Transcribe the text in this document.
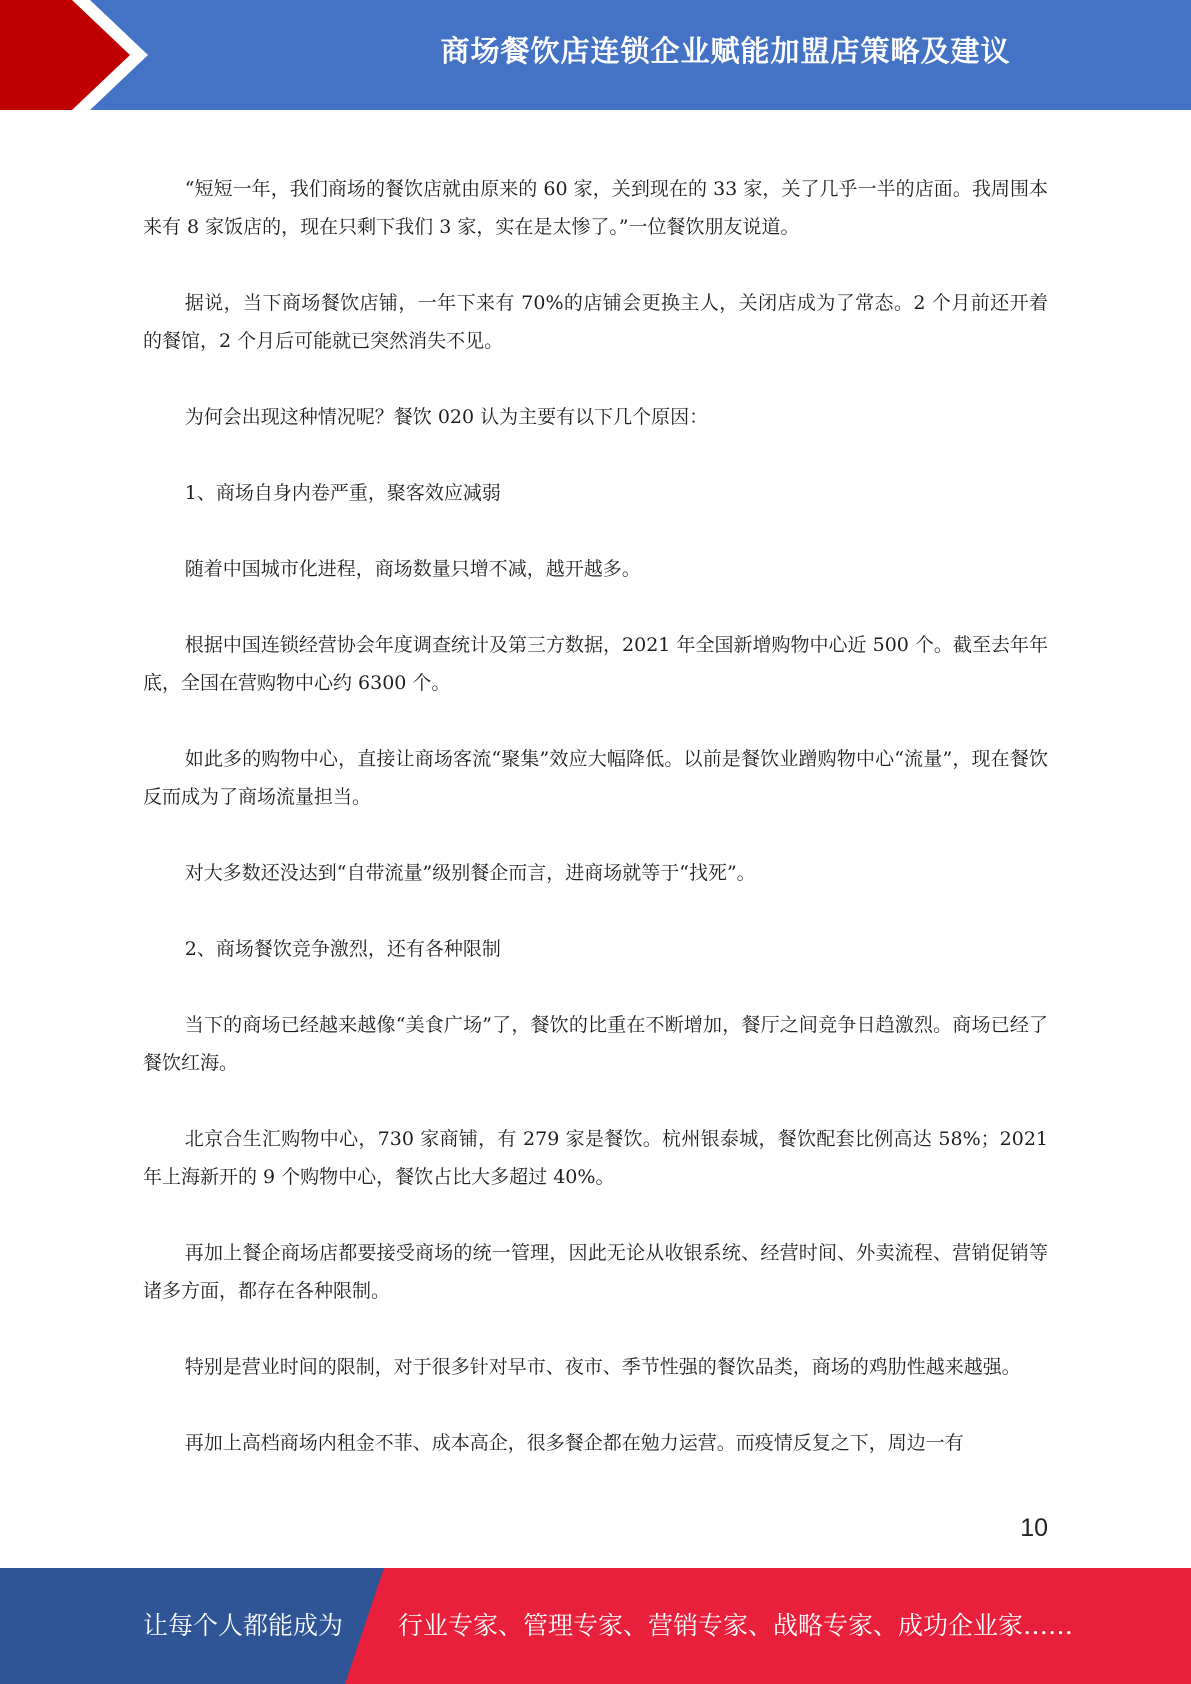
商场餐饮店连锁企业赋能加盟店策略及建议

“短短一年，我们商场的餐饮店就由原来的 60 家，关到现在的 33 家，关了几乎一半的店面。我周围本来有 8 家饭店的，现在只剩下我们 3 家，实在是太惨了。”一位餐饮朋友说道。

据说，当下商场餐饮店铺，一年下来有 70%的店铺会更换主人，关闭店成为了常态。2 个月前还开着的餐馆，2 个月后可能就已突然消失不见。

为何会出现这种情况呢？餐饮 020 认为主要有以下几个原因：

1、商场自身内卷严重，聚客效应减弱

随着中国城市化进程，商场数量只增不减，越开越多。

根据中国连锁经营协会年度调查统计及第三方数据，2021 年全国新增购物中心近 500 个。截至去年年底，全国在营购物中心约 6300 个。

如此多的购物中心，直接让商场客流“聚集”效应大幅降低。以前是餐饮业蹭购物中心“流量”，现在餐饮反而成为了商场流量担当。

对大多数还没达到“自带流量”级别餐企而言，进商场就等于“找死”。

2、商场餐饮竞争激烈，还有各种限制

当下的商场已经越来越像“美食广场”了，餐饮的比重在不断增加，餐厅之间竞争日趋激烈。商场已经了餐饮红海。

北京合生汇购物中心，730 家商铺，有 279 家是餐饮。杭州银泰城，餐饮配套比例高达 58%；2021 年上海新开的 9 个购物中心，餐饮占比大多超过 40%。

再加上餐企商场店都要接受商场的统一管理，因此无论从收银系统、经营时间、外卖流程、营销促销等诸多方面，都存在各种限制。

特别是营业时间的限制，对于很多针对早市、夜市、季节性强的餐饮品类，商场的鸡肋性越来越强。

再加上高档商场内租金不菲、成本高企，很多餐企都在勉力运营。而疫情反复之下，周边一有

10
让每个人都能成为 行业专家、管理专家、营销专家、战略专家、成功企业家……
